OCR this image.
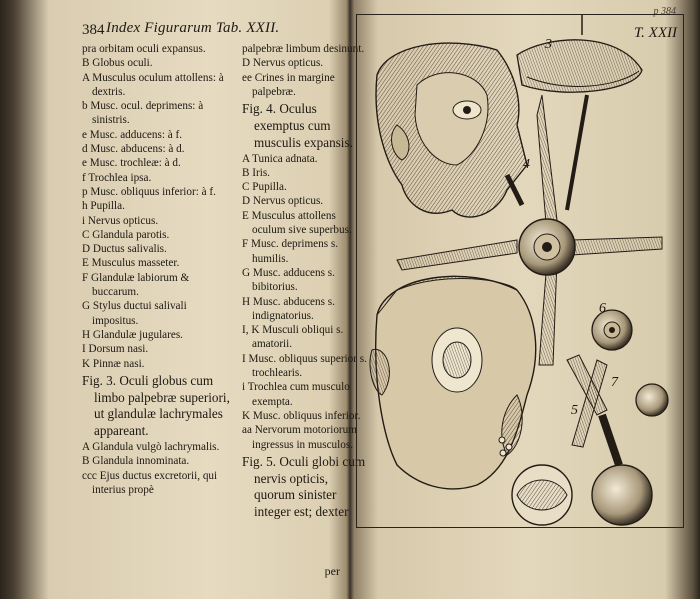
384 Index Figurarum Tab. XXII.

pra orbitam oculi expansus.

B Globus oculi.

A Musculus oculum attollens: à dextris.

b Musc. ocul. deprimens: à sinistris.

e Musc. adducens: à f.

d Musc. abducens: à d.

e Musc. trochleæ: à d.

f Trochlea ipsa.

p Musc. obliquus inferior: à f.

h Pupilla.

i Nervus opticus.

C Glandula parotis.

D Ductus salivalis.

E Musculus masseter.

F Glandulæ labiorum & buccarum.

G Stylus ductui salivali impositus.

H Glandulæ jugulares.

I Dorsum nasi.

K Pinnæ nasi.

Fig. 3. Oculi globus cum limbo palpebræ superiori, ut glandulæ lachrymales appareant.

A Glandula vulgò lachrymalis.

B Glandula innominata.

ccc Ejus ductus excretorii, qui interius propè

palpebræ limbum desinunt.

D Nervus opticus.

ee Crines in margine palpebræ.

Fig. 4. Oculus exemptus cum musculis expansis.

A Tunica adnata.

B Iris.

C Pupilla.

D Nervus opticus.

E Musculus attollens oculum sive superbus.

F Musc. deprimens s. humilis.

G Musc. adducens s. bibitorius.

H Musc. abducens s. indignatorius.

I, K Musculi obliqui s. amatorii.

I Musc. obliquus superior s. trochlearis.

i Trochlea cum musculo exempta.

K Musc. obliquus inferior.

aa Nervorum motoriorum ingressus in musculos.

Fig. 5. Oculi globi cum nervis opticis, quorum sinister integer est; dexter

per
p 384
T. XXII
3
4
6
7
5
